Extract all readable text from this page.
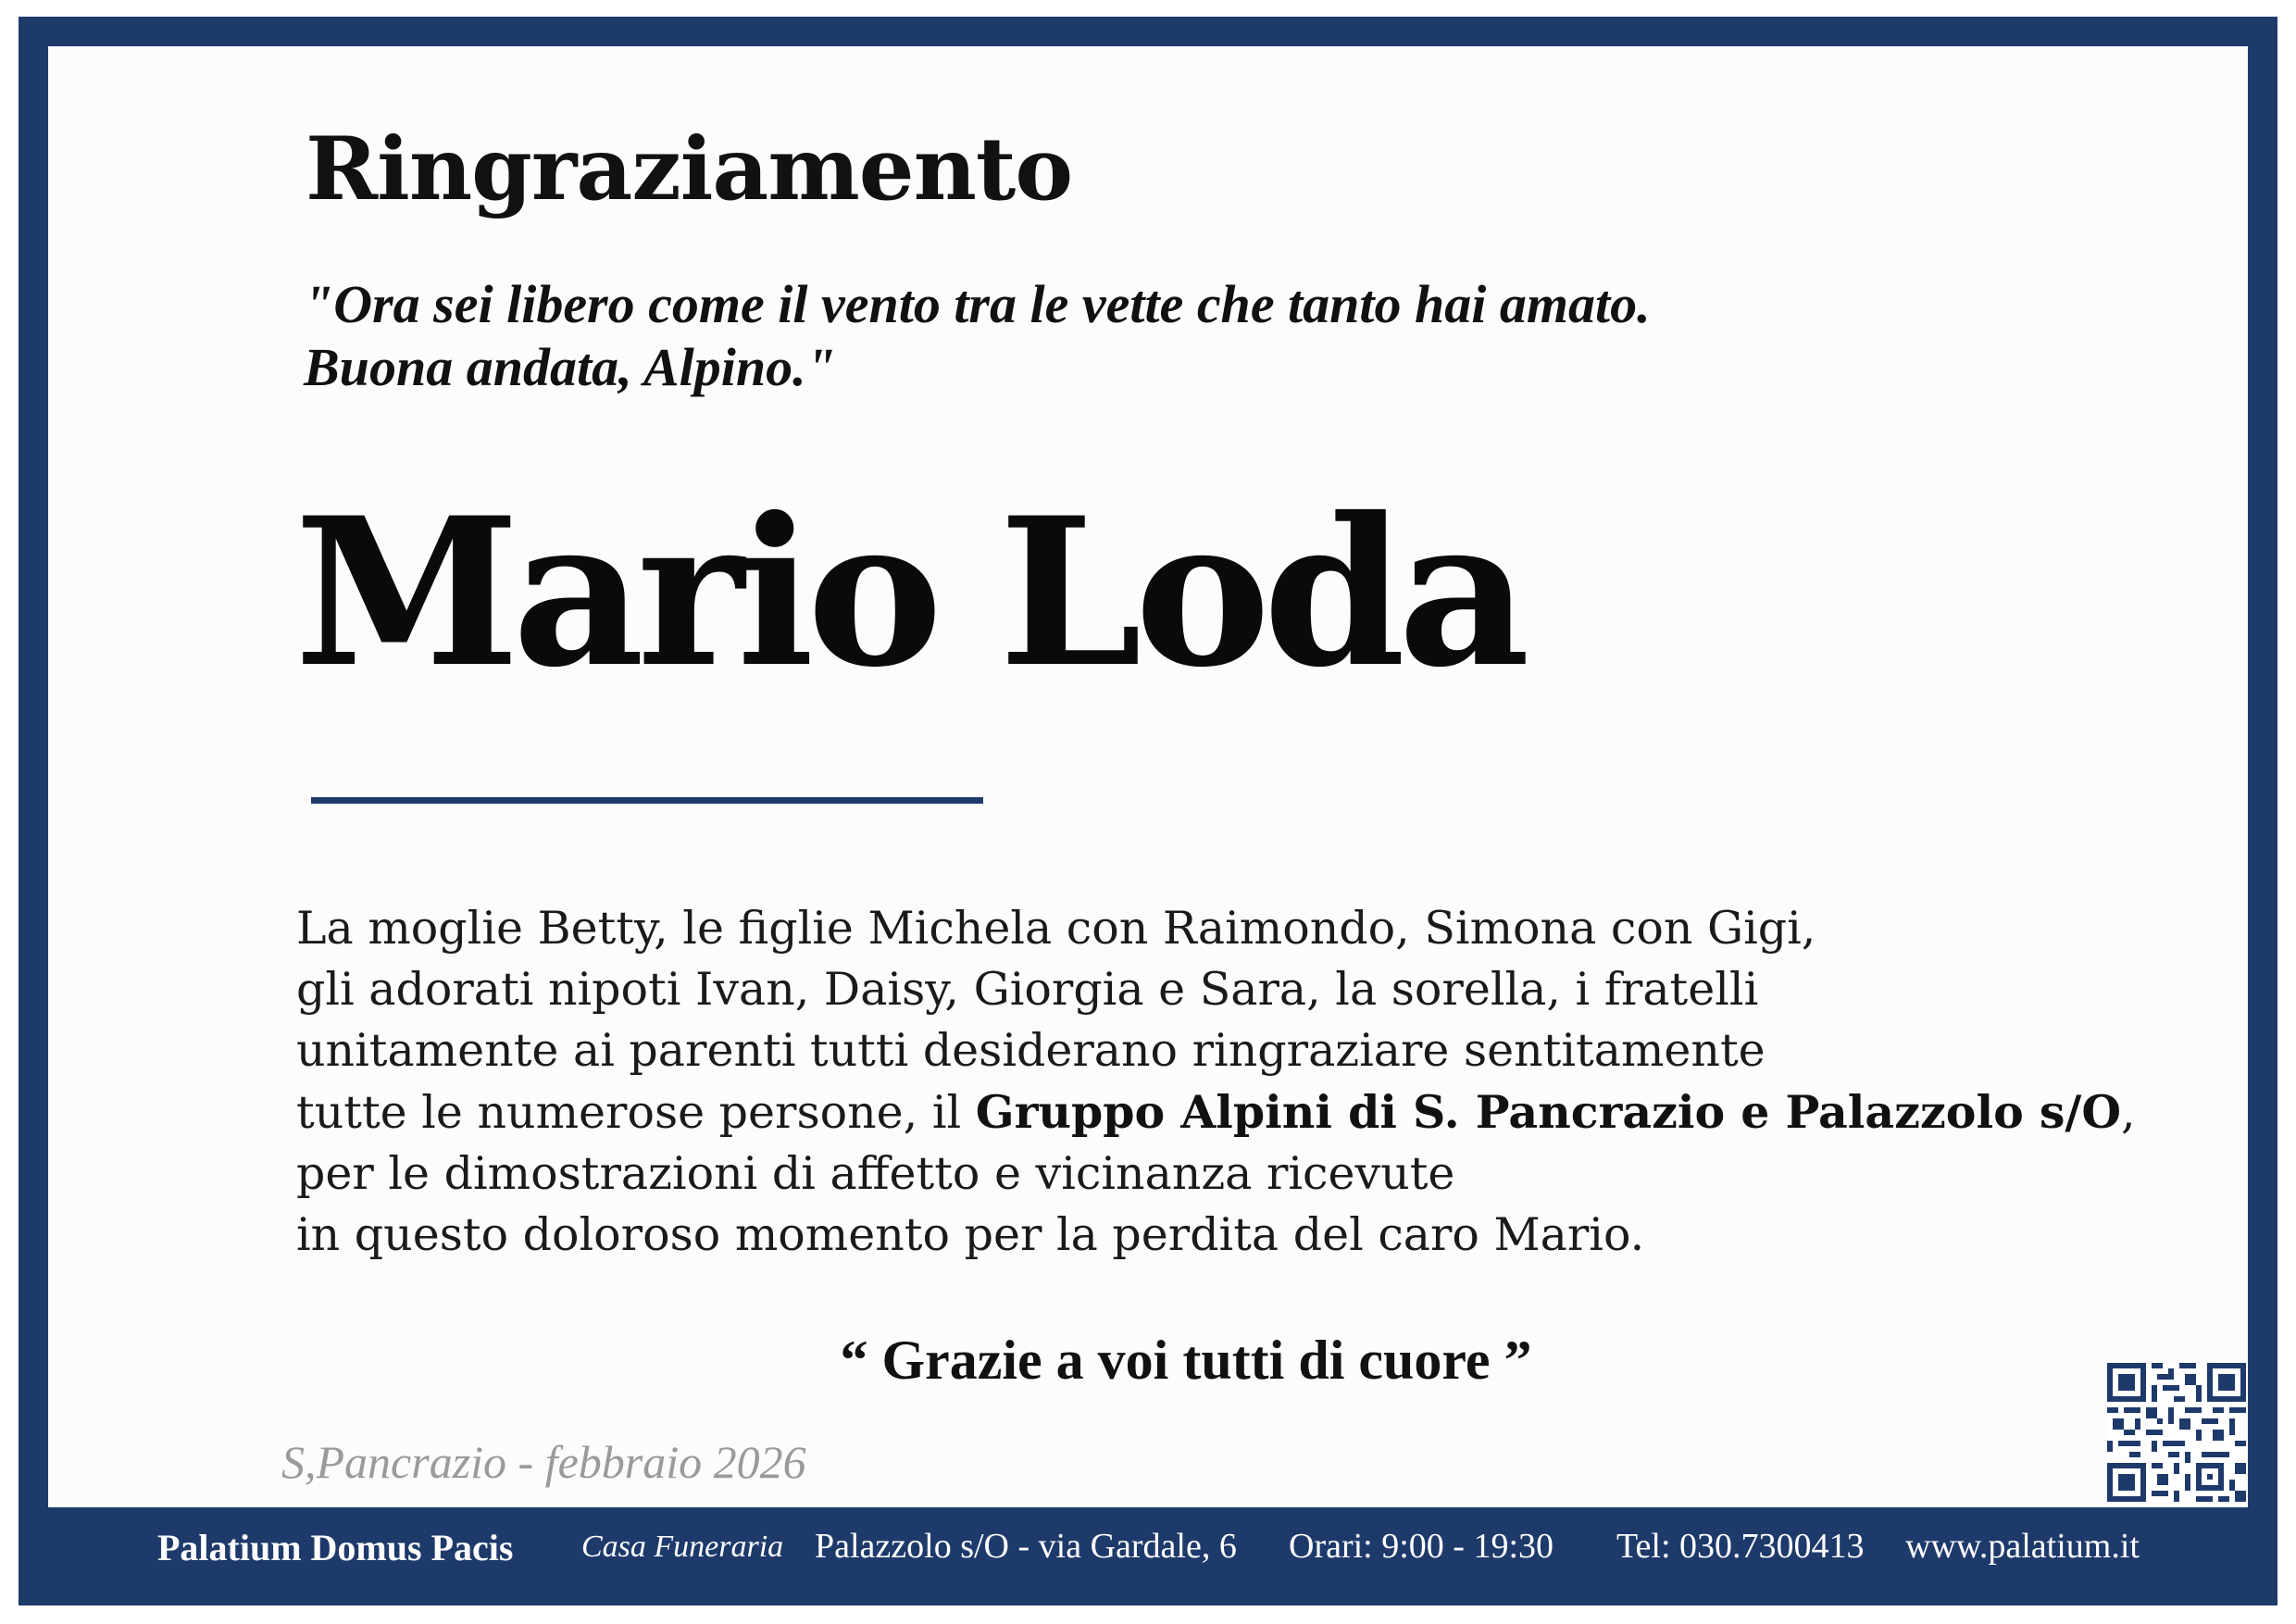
Ringraziamento
"Ora sei libero come il vento tra le vette che tanto hai amato.
Buona andata, Alpino."
Mario Loda
La moglie Betty, le figlie Michela con Raimondo, Simona con Gigi,
gli adorati nipoti Ivan, Daisy, Giorgia e Sara, la sorella, i fratelli
unitamente ai parenti tutti desiderano ringraziare sentitamente
tutte le numerose persone, il Gruppo Alpini di S. Pancrazio e Palazzolo s/O,
per le dimostrazioni di affetto e vicinanza ricevute
in questo doloroso momento per la perdita del caro Mario.
“ Grazie a voi tutti di cuore ”
S,Pancrazio - febbraio 2026
Palatium Domus Pacis Casa Funeraria Palazzolo s/O - via Gardale, 6 Orari: 9:00 - 19:30 Tel: 030.7300413 www.palatium.it
